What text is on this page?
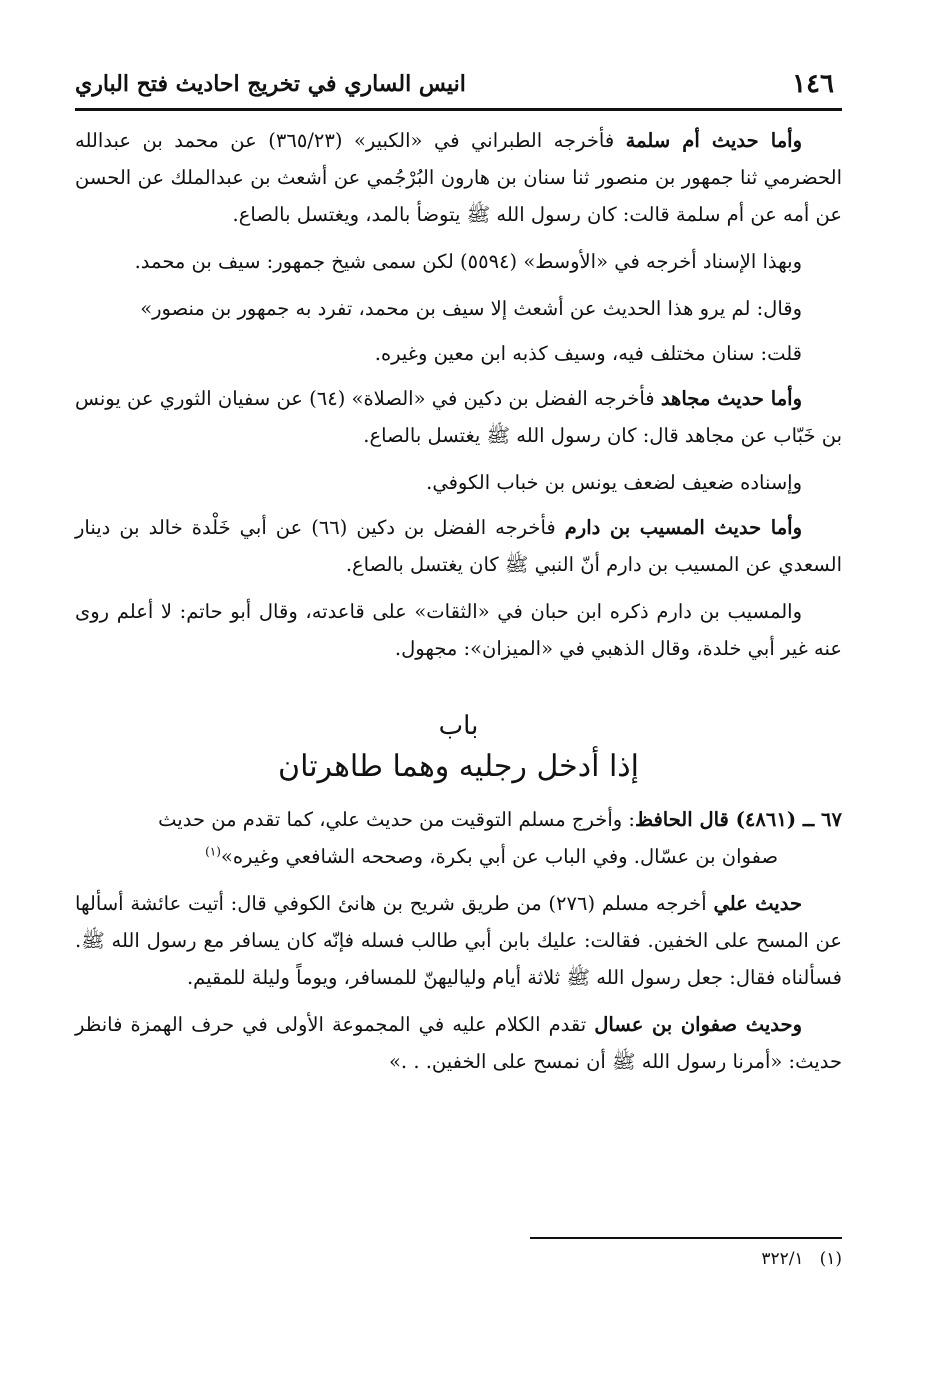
١٤٦
انيس الساري في تخريج احاديث فتح الباري

وأما حديث أم سلمة فأخرجه الطبراني في «الكبير» (٣٦٥/٢٣) عن محمد بن عبدالله الحضرمي ثنا جمهور بن منصور ثنا سنان بن هارون البُرْجُمي عن أشعث بن عبدالملك عن الحسن عن أمه عن أم سلمة قالت: كان رسول الله ﷺ يتوضأ بالمد، ويغتسل بالصاع.

وبهذا الإسناد أخرجه في «الأوسط» (٥٥٩٤) لكن سمى شيخ جمهور: سيف بن محمد.

وقال: لم يرو هذا الحديث عن أشعث إلا سيف بن محمد، تفرد به جمهور بن منصور»

قلت: سنان مختلف فيه، وسيف كذبه ابن معين وغيره.

وأما حديث مجاهد فأخرجه الفضل بن دكين في «الصلاة» (٦٤) عن سفيان الثوري عن يونس بن خَبّاب عن مجاهد قال: كان رسول الله ﷺ يغتسل بالصاع.

وإسناده ضعيف لضعف يونس بن خباب الكوفي.

وأما حديث المسيب بن دارم فأخرجه الفضل بن دكين (٦٦) عن أبي خَلْدة خالد بن دينار السعدي عن المسيب بن دارم أنّ النبي ﷺ كان يغتسل بالصاع.

والمسيب بن دارم ذكره ابن حبان في «الثقات» على قاعدته، وقال أبو حاتم: لا أعلم روى عنه غير أبي خلدة، وقال الذهبي في «الميزان»: مجهول.

باب
إذا أدخل رجليه وهما طاهرتان
٦٧ ــ (٤٨٦١) قال الحافظ: وأخرج مسلم التوقيت من حديث علي، كما تقدم من حديث
صفوان بن عسّال. وفي الباب عن أبي بكرة، وصححه الشافعي وغيره»$^{(١)}$

حديث علي أخرجه مسلم (٢٧٦) من طريق شريح بن هانئ الكوفي قال: أتيت عائشة أسألها عن المسح على الخفين. فقالت: عليك بابن أبي طالب فسله فإنّه كان يسافر مع رسول الله ﷺ. فسألناه فقال: جعل رسول الله ﷺ ثلاثة أيام ولياليهنّ للمسافر، ويوماً وليلة للمقيم.

وحديث صفوان بن عسال تقدم الكلام عليه في المجموعة الأولى في حرف الهمزة فانظر حديث: «أمرنا رسول الله ﷺ أن نمسح على الخفين. . .»

(١)٣٢٢/١
